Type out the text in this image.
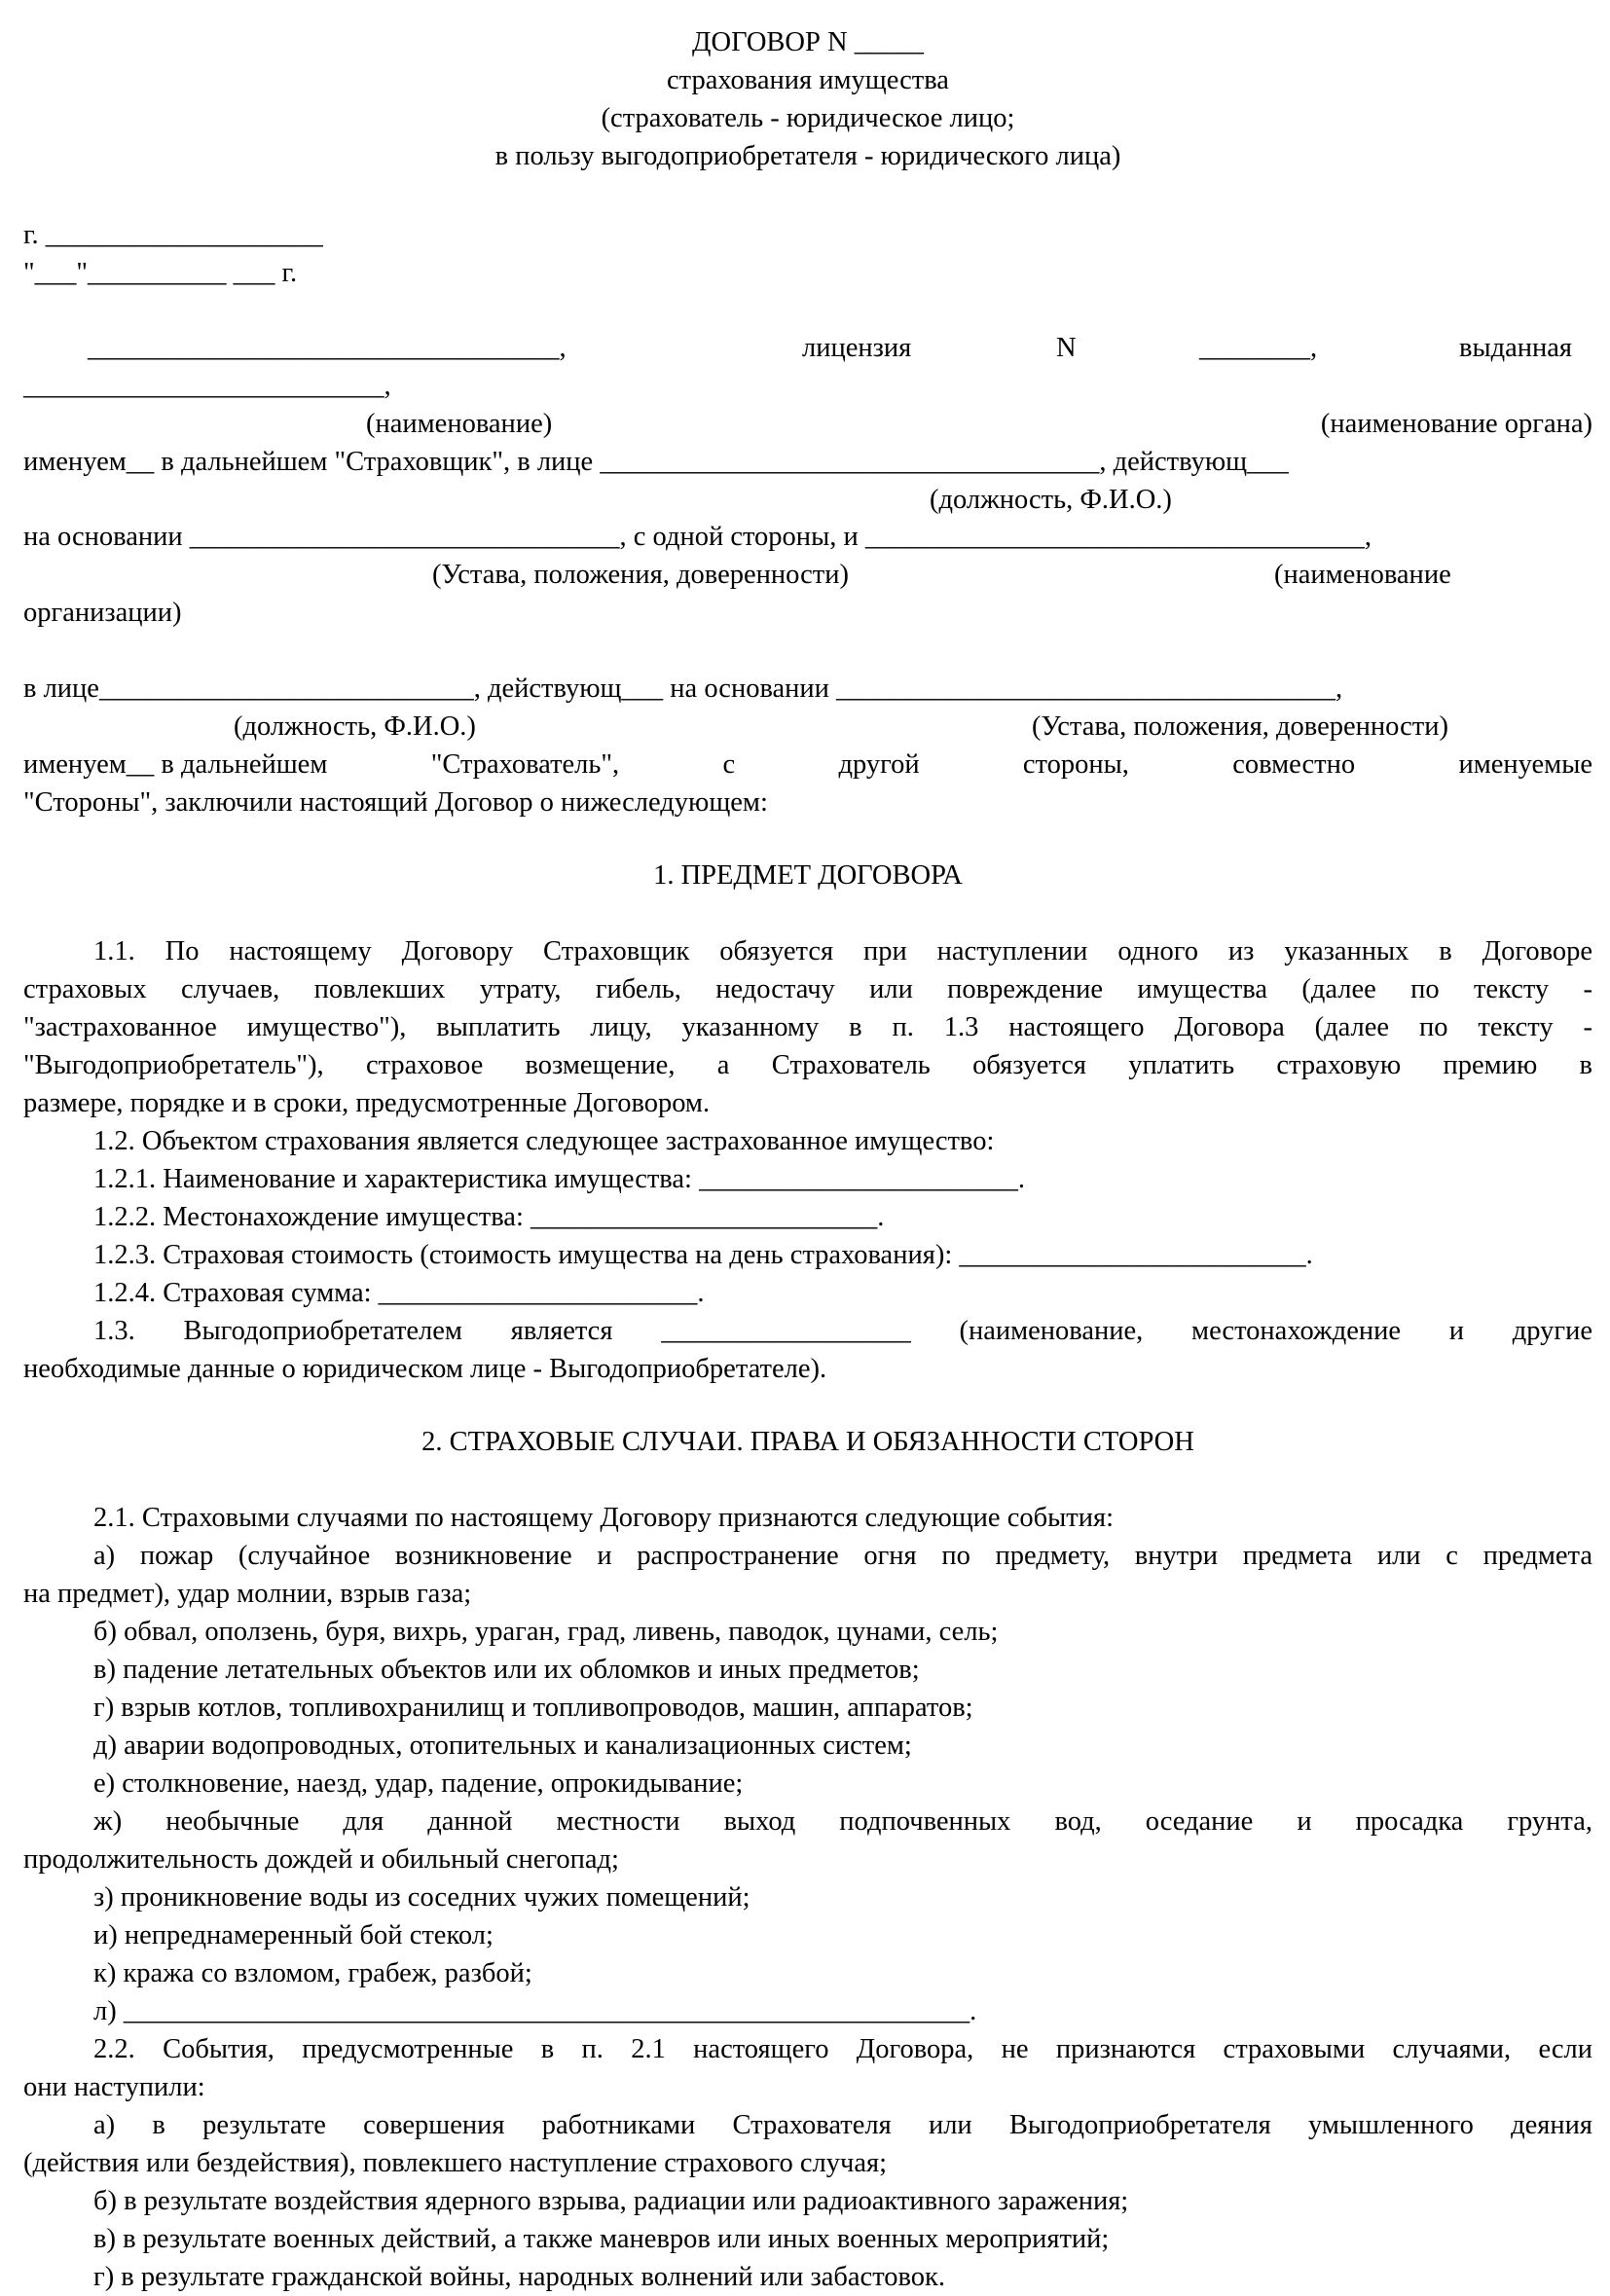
ДОГОВОР N _____
страхования имущества
(страхователь - юридическое лицо;
в пользу выгодоприобретателя - юридического лица)
г. ____________________
"___"__________ ___ г.
__________________________________,	лицензия	N	________,	выданная
__________________________,
(наименование)	(наименование органа)
именуем__ в дальнейшем "Страховщик", в лице ____________________________________, действующ___
(должность, Ф.И.О.)
на основании _______________________________, с одной стороны, и ____________________________________,
(Устава, положения, доверенности)	(наименование
организации)
в лице___________________________, действующ___ на основании ____________________________________,
(должность, Ф.И.О.)	(Устава, положения, доверенности)
именуем__ в дальнейшем	"Страхователь",	с	другой	стороны,	совместно	именуемые
"Стороны", заключили настоящий Договор о нижеследующем:
1. ПРЕДМЕТ ДОГОВОРА
1.1. По настоящему Договору Страховщик обязуется при наступлении одного из указанных в Договоре
страховых случаев, повлекших утрату, гибель, недостачу или повреждение имущества (далее по тексту -
"застрахованное имущество"), выплатить лицу, указанному в п. 1.3 настоящего Договора (далее по тексту -
"Выгодоприобретатель"), страховое возмещение, а Страхователь обязуется уплатить страховую премию в
размере, порядке и в сроки, предусмотренные Договором.
1.2. Объектом страхования является следующее застрахованное имущество:
1.2.1. Наименование и характеристика имущества: _______________________.
1.2.2. Местонахождение имущества: _________________________.
1.2.3. Страховая стоимость (стоимость имущества на день страхования): _________________________.
1.2.4. Страховая сумма: _______________________.
1.3. Выгодоприобретателем является __________________ (наименование, местонахождение и другие
необходимые данные о юридическом лице - Выгодоприобретателе).
2. СТРАХОВЫЕ СЛУЧАИ. ПРАВА И ОБЯЗАННОСТИ СТОРОН
2.1. Страховыми случаями по настоящему Договору признаются следующие события:
а) пожар (случайное возникновение и распространение огня по предмету, внутри предмета или с предмета
на предмет), удар молнии, взрыв газа;
б) обвал, оползень, буря, вихрь, ураган, град, ливень, паводок, цунами, сель;
в) падение летательных объектов или их обломков и иных предметов;
г) взрыв котлов, топливохранилищ и топливопроводов, машин, аппаратов;
д) аварии водопроводных, отопительных и канализационных систем;
е) столкновение, наезд, удар, падение, опрокидывание;
ж) необычные для данной местности выход подпочвенных вод, оседание и просадка грунта,
продолжительность дождей и обильный снегопад;
з) проникновение воды из соседних чужих помещений;
и) непреднамеренный бой стекол;
к) кража со взломом, грабеж, разбой;
л) _____________________________________________________________.
2.2. События, предусмотренные в п. 2.1 настоящего Договора, не признаются страховыми случаями, если
они наступили:
а) в результате совершения работниками Страхователя или Выгодоприобретателя умышленного деяния
(действия или бездействия), повлекшего наступление страхового случая;
б) в результате воздействия ядерного взрыва, радиации или радиоактивного заражения;
в) в результате военных действий, а также маневров или иных военных мероприятий;
г) в результате гражданской войны, народных волнений или забастовок.
